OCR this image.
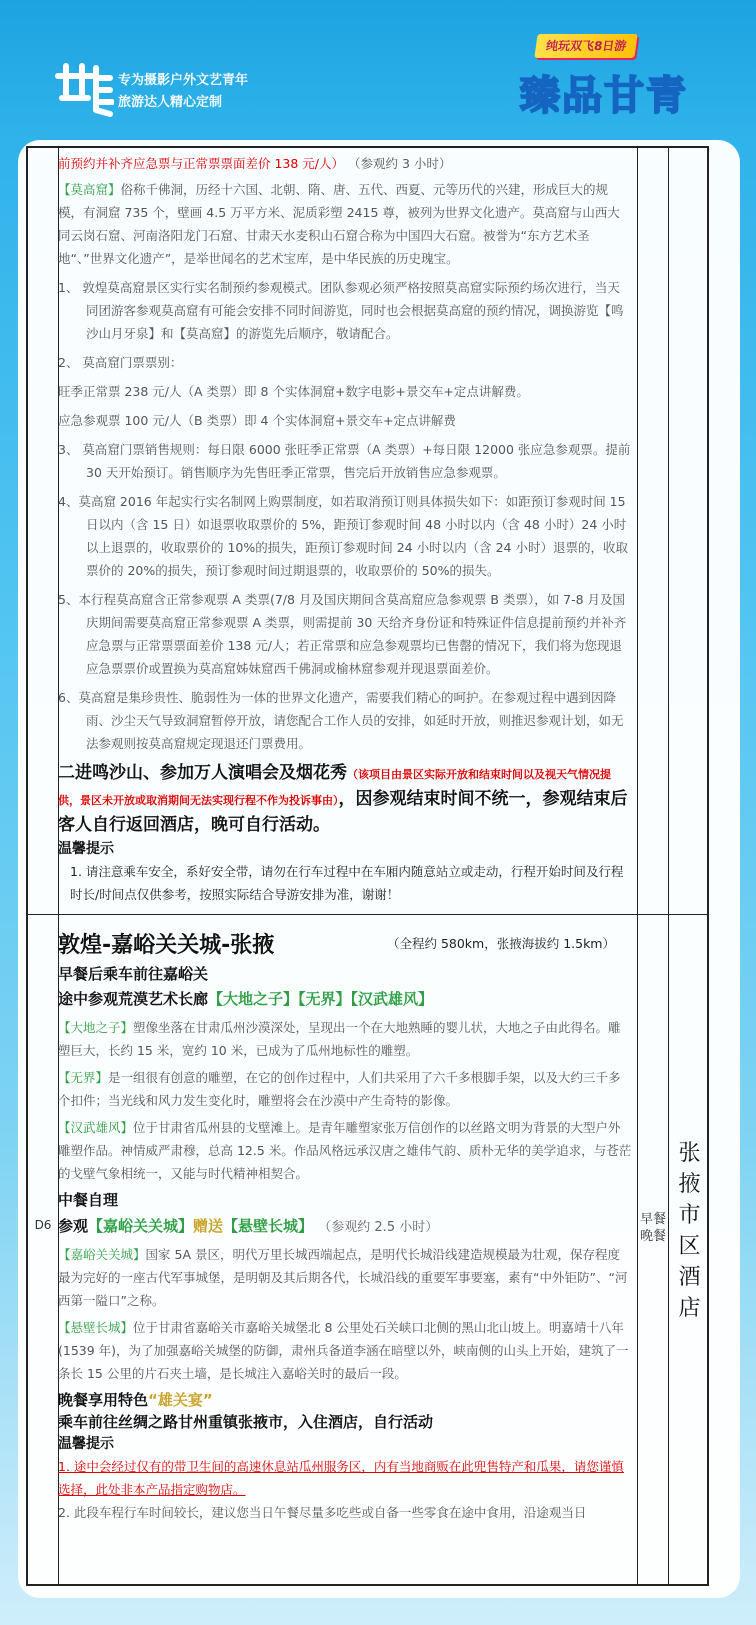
专为摄影户外文艺青年
旅游达人精心定制
纯玩双飞8日游
臻品甘青

前预约并补齐应急票与正常票票面差价 138 元/人） （参观约 3 小时）

【莫高窟】俗称千佛洞，历经十六国、北朝、隋、唐、五代、西夏、元等历代的兴建，形成巨大的规模，有洞窟 735 个，壁画 4.5 万平方米、泥质彩塑 2415 尊，被列为世界文化遗产。莫高窟与山西大同云岗石窟、河南洛阳龙门石窟、甘肃天水麦积山石窟合称为中国四大石窟。被誉为“东方艺术圣地“、”世界文化遗产”，是举世闻名的艺术宝库，是中华民族的历史瑰宝。

1、 敦煌莫高窟景区实行实名制预约参观模式。团队参观必须严格按照莫高窟实际预约场次进行，当天同团游客参观莫高窟有可能会安排不同时间游览，同时也会根据莫高窟的预约情况，调换游览【鸣沙山月牙泉】和【莫高窟】的游览先后顺序，敬请配合。

2、 莫高窟门票票别：

旺季正常票 238 元/人（A 类票）即 8 个实体洞窟+数字电影+景交车+定点讲解费。

应急参观票 100 元/人（B 类票）即 4 个实体洞窟+景交车+定点讲解费

3、 莫高窟门票销售规则：每日限 6000 张旺季正常票（A 类票）+每日限 12000 张应急参观票。提前 30 天开始预订。销售顺序为先售旺季正常票，售完后开放销售应急参观票。

4、莫高窟 2016 年起实行实名制网上购票制度，如若取消预订则具体损失如下：如距预订参观时间 15 日以内（含 15 日）如退票收取票价的 5%，距预订参观时间 48 小时以内（含 48 小时）24 小时以上退票的，收取票价的 10%的损失，距预订参观时间 24 小时以内（含 24 小时）退票的，收取票价的 20%的损失，预订参观时间过期退票的，收取票价的 50%的损失。

5、本行程莫高窟含正常参观票 A 类票(7/8 月及国庆期间含莫高窟应急参观票 B 类票），如 7-8 月及国庆期间需要莫高窟正常参观票 A 类票，则需提前 30 天给齐身份证和特殊证件信息提前预约并补齐应急票与正常票票面差价 138 元/人；若正常票和应急参观票均已售罄的情况下，我们将为您现退应急票票价或置换为莫高窟姊妹窟西千佛洞或榆林窟参观并现退票面差价。

6、莫高窟是集珍贵性、脆弱性为一体的世界文化遗产，需要我们精心的呵护。在参观过程中遇到因降雨、沙尘天气导致洞窟暂停开放，请您配合工作人员的安排，如延时开放，则推迟参观计划，如无法参观则按莫高窟规定现退还门票费用。

二进鸣沙山、参加万人演唱会及烟花秀（该项目由景区实际开放和结束时间以及视天气情况提供，景区未开放或取消期间无法实现行程不作为投诉事由），因参观结束时间不统一，参观结束后客人自行返回酒店，晚可自行活动。

温馨提示

1. 请注意乘车安全，系好安全带，请勿在行车过程中在车厢内随意站立或走动，行程开始时间及行程时长/时间点仅供参考，按照实际结合导游安排为准，谢谢！

敦煌-嘉峪关关城-张掖	（全程约 580km，张掖海拔约 1.5km）
D6	早餐晚餐
张掖市区酒店

早餐后乘车前往嘉峪关

途中参观荒漠艺术长廊【大地之子】【无界】【汉武雄风】

【大地之子】塑像坐落在甘肃瓜州沙漠深处，呈现出一个在大地熟睡的婴儿状，大地之子由此得名。雕塑巨大，长约 15 米，宽约 10 米，已成为了瓜州地标性的雕塑。

【无界】是一组很有创意的雕塑，在它的创作过程中，人们共采用了六千多根脚手架，以及大约三千多个扣件；当光线和风力发生变化时，雕塑将会在沙漠中产生奇特的影像。

【汉武雄风】位于甘肃省瓜州县的戈壁滩上。是青年雕塑家张万信创作的以丝路文明为背景的大型户外雕塑作品。神情威严肃穆，总高 12.5 米。作品风格远承汉唐之雄伟气韵、质朴无华的美学追求，与苍茫的戈壁气象相统一，又能与时代精神相契合。

中餐自理

参观【嘉峪关关城】赠送【悬壁长城】 （参观约 2.5 小时）

【嘉峪关关城】国家 5A 景区，明代万里长城西端起点，是明代长城沿线建造规模最为壮观，保存程度最为完好的一座古代军事城堡，是明朝及其后期各代，长城沿线的重要军事要塞，素有“中外钜防”、“河西第一隘口”之称。

【悬壁长城】位于甘肃省嘉峪关市嘉峪关城堡北 8 公里处石关峡口北侧的黑山北山坡上。明嘉靖十八年(1539 年)，为了加强嘉峪关城堡的防御，肃州兵备道李涵在暗壁以外，峡南侧的山头上开始，建筑了一条长 15 公里的片石夹土墙，是长城注入嘉峪关时的最后一段。

晚餐享用特色“雄关宴”

乘车前往丝绸之路甘州重镇张掖市，入住酒店，自行活动

温馨提示

1. 途中会经过仅有的带卫生间的高速休息站瓜州服务区，内有当地商贩在此兜售特产和瓜果，请您谨慎选择，此处非本产品指定购物店。

2. 此段车程行车时间较长，建议您当日午餐尽量多吃些或自备一些零食在途中食用，沿途观当日
